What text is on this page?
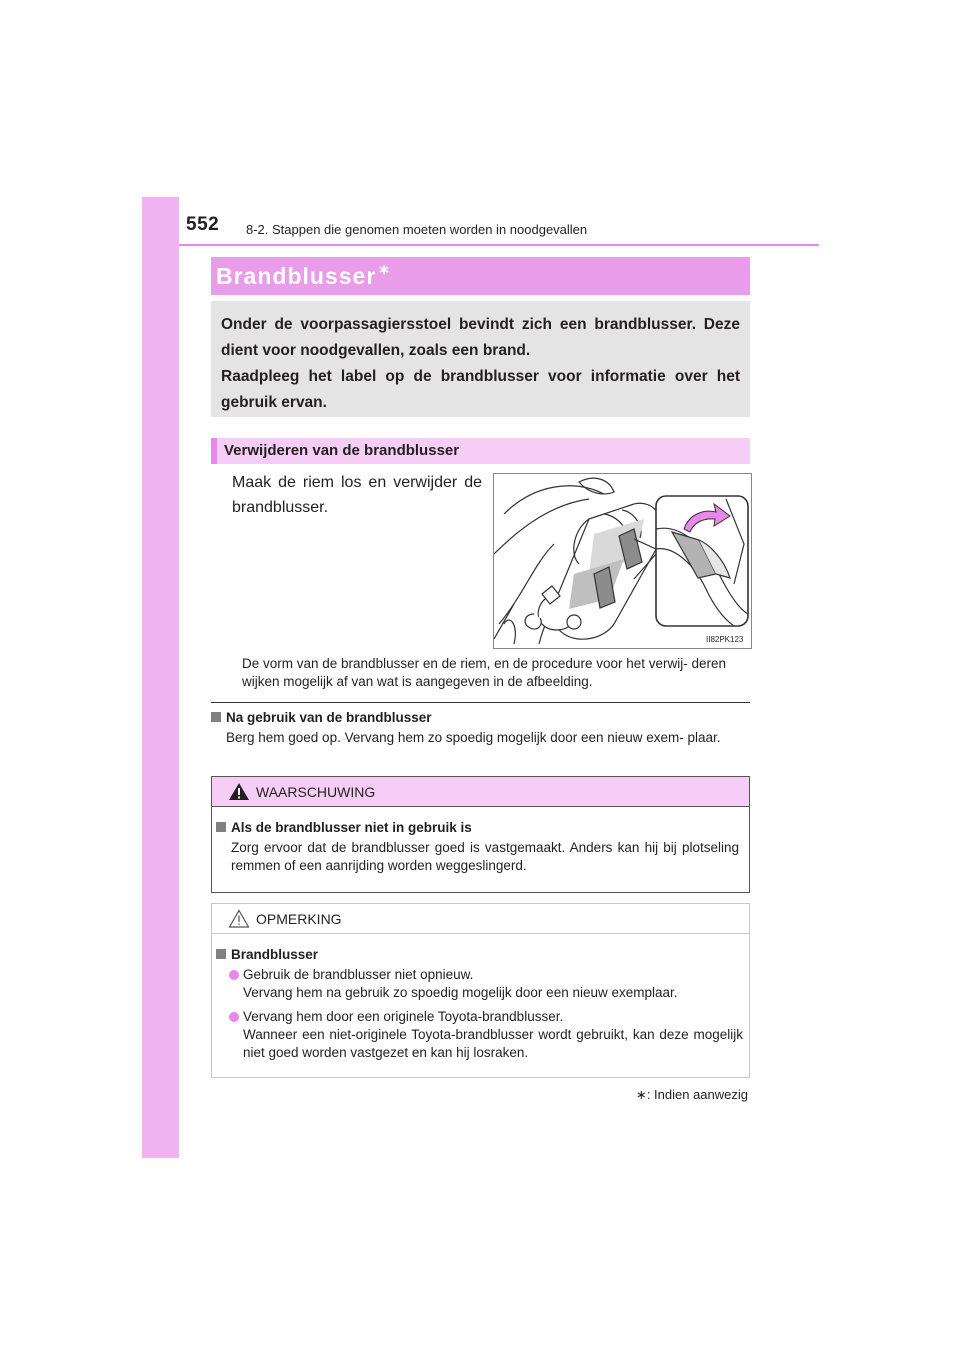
552 8-2. Stappen die genomen moeten worden in noodgevallen
Brandblusser ∗

Onder de voorpassagiersstoel bevindt zich een brandblusser. Deze dient voor noodgevallen, zoals een brand.

Raadpleeg het label op de brandblusser voor informatie over het gebruik ervan.

Verwijderen van de brandblusser
Maak de riem los en verwijder de brandblusser.
II82PK123
De vorm van de brandblusser en de riem, en de procedure voor het verwij- deren wijken mogelijk af van wat is aangegeven in de afbeelding.
Na gebruik van de brandblusser
Berg hem goed op. Vervang hem zo spoedig mogelijk door een nieuw exem- plaar.
WAARSCHUWING
Als de brandblusser niet in gebruik is
Zorg ervoor dat de brandblusser goed is vastgemaakt. Anders kan hij bij plotseling remmen of een aanrijding worden weggeslingerd.
OPMERKING
Brandblusser
Gebruik de brandblusser niet opnieuw.
Vervang hem na gebruik zo spoedig mogelijk door een nieuw exemplaar.
Vervang hem door een originele Toyota-brandblusser.
Wanneer een niet-originele Toyota-brandblusser wordt gebruikt, kan deze mogelijk niet goed worden vastgezet en kan hij losraken.
∗: Indien aanwezig
